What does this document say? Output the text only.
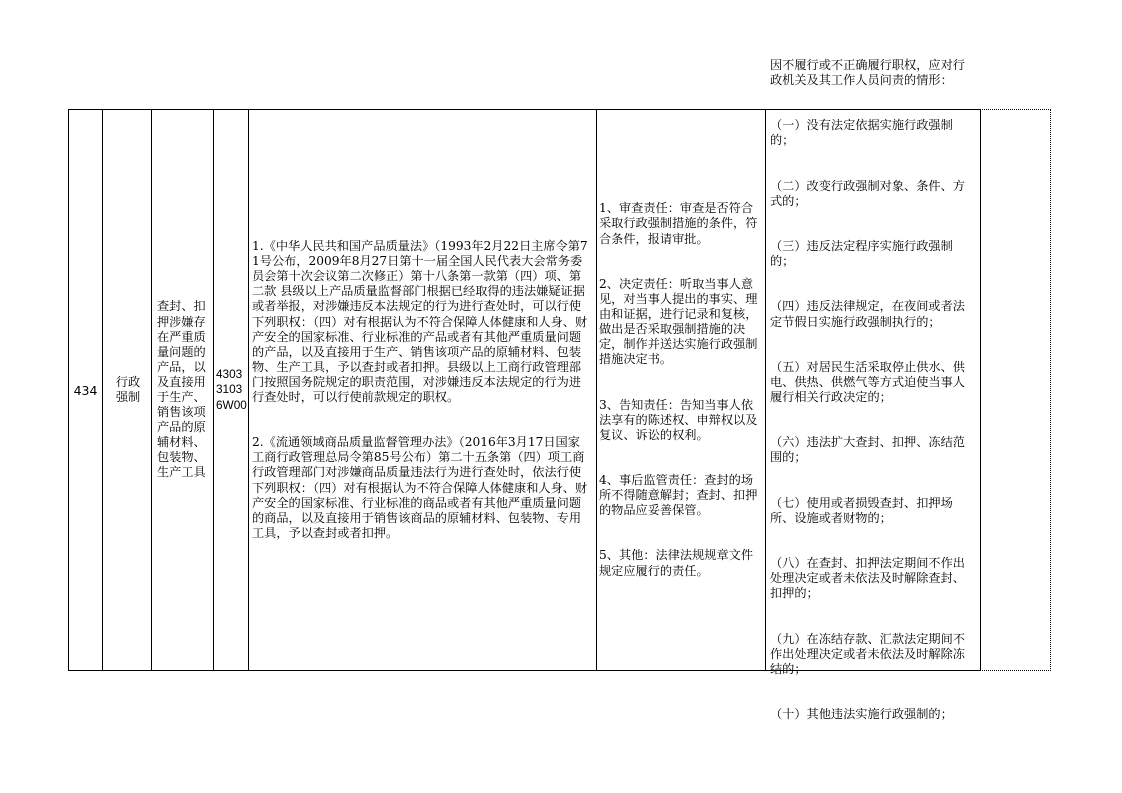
434
行政强制
查封、扣押涉嫌存在严重质量问题的产品，以及直接用于生产、销售该项产品的原辅材料、包装物、生产工具
43033103 6W00

1.《中华人民共和国产品质量法》（1993年2月22日主席令第71号公布，2009年8月27日第十一届全国人民代表大会常务委员会第十次会议第二次修正）第十八条第一款第（四）项、第二款 县级以上产品质量监督部门根据已经取得的违法嫌疑证据或者举报，对涉嫌违反本法规定的行为进行查处时，可以行使下列职权：（四）对有根据认为不符合保障人体健康和人身、财产安全的国家标准、行业标准的产品或者有其他严重质量问题的产品，以及直接用于生产、销售该项产品的原辅材料、包装物、生产工具，予以查封或者扣押。县级以上工商行政管理部门按照国务院规定的职责范围，对涉嫌违反本法规定的行为进行查处时，可以行使前款规定的职权。

2.《流通领域商品质量监督管理办法》（2016年3月17日国家工商行政管理总局令第85号公布）第二十五条第（四）项工商行政管理部门对涉嫌商品质量违法行为进行查处时，依法行使下列职权：（四）对有根据认为不符合保障人体健康和人身、财产安全的国家标准、行业标准的商品或者有其他严重质量问题的商品，以及直接用于销售该商品的原辅材料、包装物、专用工具，予以查封或者扣押。

1、审查责任：审查是否符合采取行政强制措施的条件，符合条件，报请审批。

2、决定责任：听取当事人意见，对当事人提出的事实、理由和证据，进行记录和复核，做出是否采取强制措施的决定，制作并送达实施行政强制措施决定书。

3、告知责任：告知当事人依法享有的陈述权、申辩权以及复议、诉讼的权利。

4、事后监管责任：查封的场所不得随意解封；查封、扣押的物品应妥善保管。

5、其他：法律法规规章文件规定应履行的责任。

因不履行或不正确履行职权，应对行政机关及其工作人员问责的情形：

（一）没有法定依据实施行政强制的；

（二）改变行政强制对象、条件、方式的；

（三）违反法定程序实施行政强制的；

（四）违反法律规定，在夜间或者法定节假日实施行政强制执行的；

（五）对居民生活采取停止供水、供电、供热、供燃气等方式迫使当事人履行相关行政决定的；

（六）违法扩大查封、扣押、冻结范围的；

（七）使用或者损毁查封、扣押场所、设施或者财物的；

（八）在查封、扣押法定期间不作出处理决定或者未依法及时解除查封、扣押的；

（九）在冻结存款、汇款法定期间不作出处理决定或者未依法及时解除冻结的；

（十）其他违法实施行政强制的；
